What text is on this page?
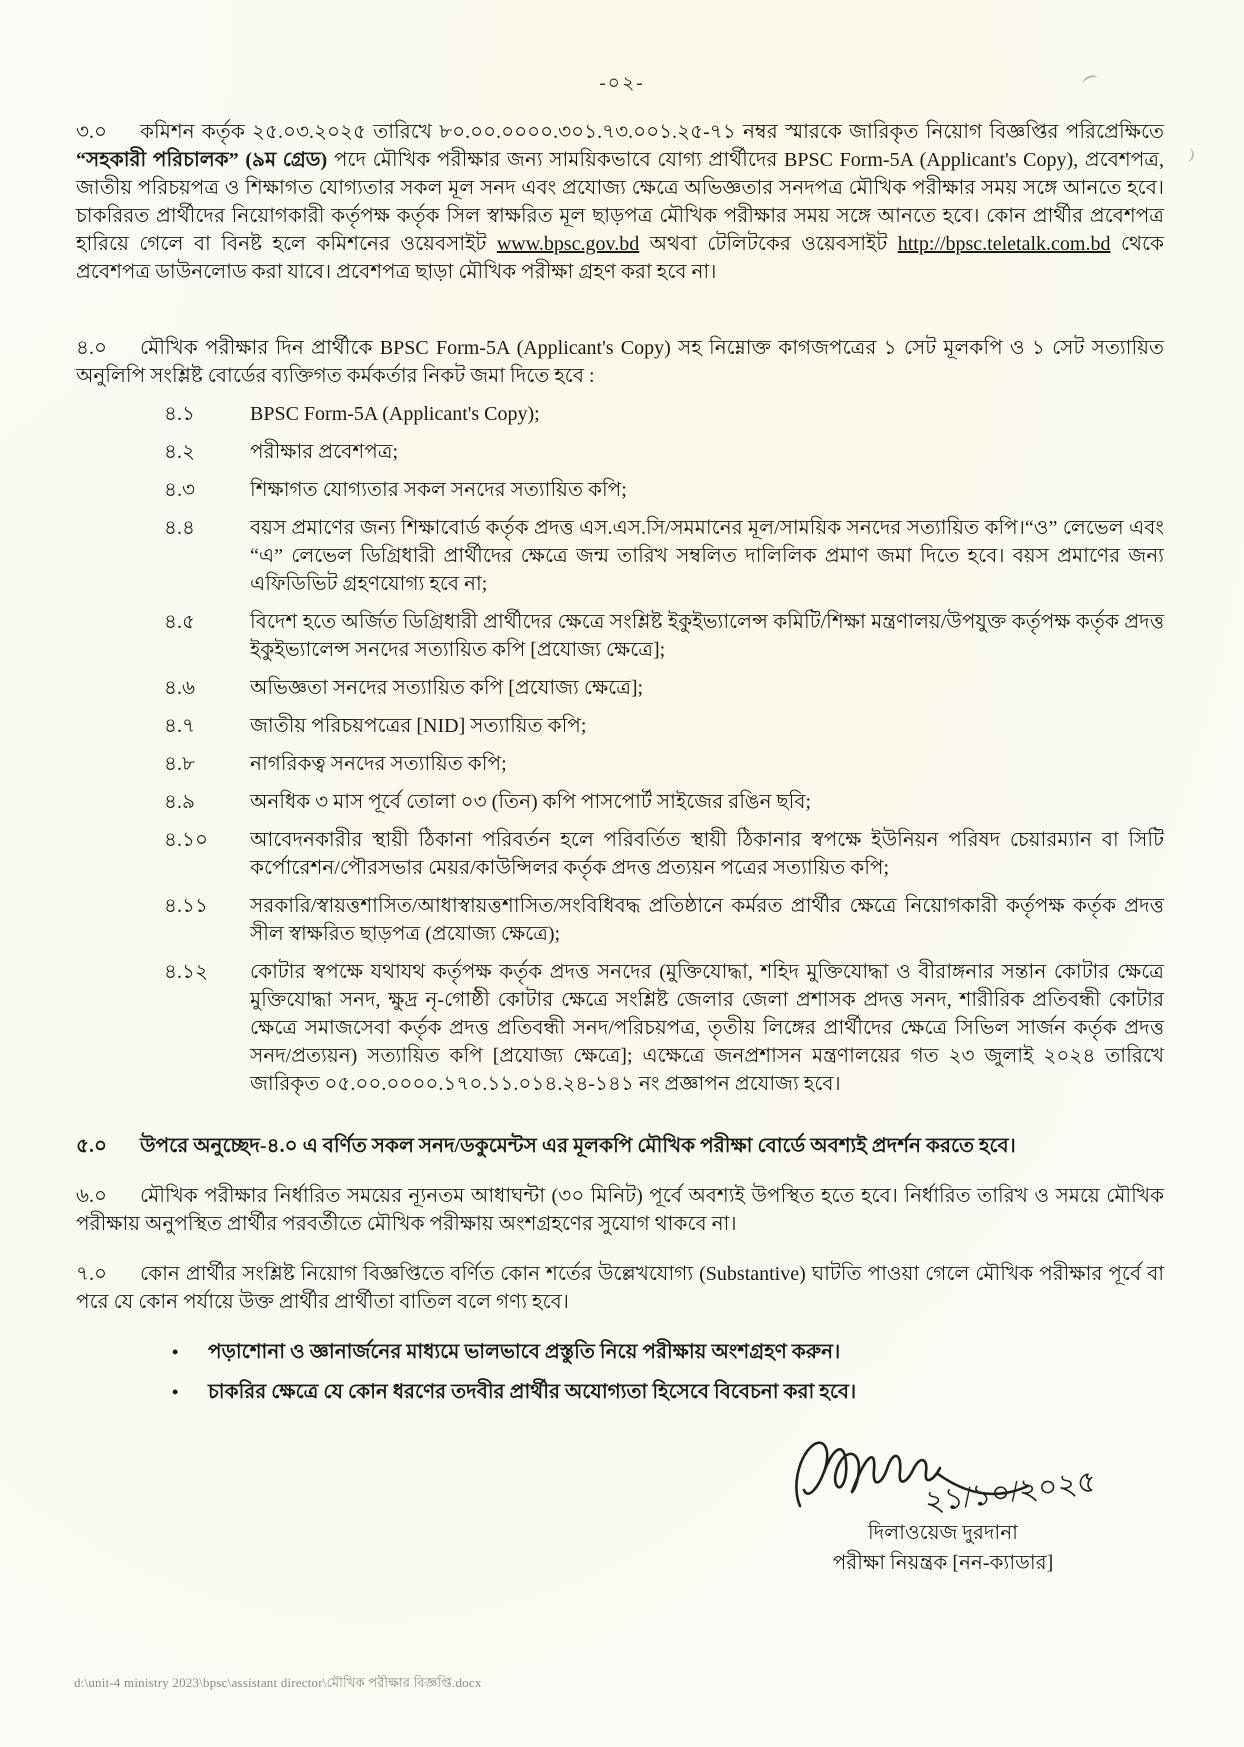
-০২-
৩.০ কমিশন কর্তৃক ২৫.০৩.২০২৫ তারিখে ৮০.০০.০০০০.৩০১.৭৩.০০১.২৫-৭১ নম্বর স্মারকে জারিকৃত নিয়োগ বিজ্ঞপ্তির পরিপ্রেক্ষিতে “সহকারী পরিচালক” (৯ম গ্রেড) পদে মৌখিক পরীক্ষার জন্য সাময়িকভাবে যোগ্য প্রার্থীদের BPSC Form-5A (Applicant's Copy), প্রবেশপত্র, জাতীয় পরিচয়পত্র ও শিক্ষাগত যোগ্যতার সকল মূল সনদ এবং প্রযোজ্য ক্ষেত্রে অভিজ্ঞতার সনদপত্র মৌখিক পরীক্ষার সময় সঙ্গে আনতে হবে। চাকরিরত প্রার্থীদের নিয়োগকারী কর্তৃপক্ষ কর্তৃক সিল স্বাক্ষরিত মূল ছাড়পত্র মৌখিক পরীক্ষার সময় সঙ্গে আনতে হবে। কোন প্রার্থীর প্রবেশপত্র হারিয়ে গেলে বা বিনষ্ট হলে কমিশনের ওয়েবসাইট www.bpsc.gov.bd অথবা টেলিটকের ওয়েবসাইট http://bpsc.teletalk.com.bd থেকে প্রবেশপত্র ডাউনলোড করা যাবে। প্রবেশপত্র ছাড়া মৌখিক পরীক্ষা গ্রহণ করা হবে না।
৪.০ মৌখিক পরীক্ষার দিন প্রার্থীকে BPSC Form-5A (Applicant's Copy) সহ নিম্নোক্ত কাগজপত্রের ১ সেট মূলকপি ও ১ সেট সত্যায়িত অনুলিপি সংশ্লিষ্ট বোর্ডের ব্যক্তিগত কর্মকর্তার নিকট জমা দিতে হবে :
৪.১	BPSC Form-5A (Applicant's Copy);
৪.২	পরীক্ষার প্রবেশপত্র;
৪.৩	শিক্ষাগত যোগ্যতার সকল সনদের সত্যায়িত কপি;
৪.৪	বয়স প্রমাণের জন্য শিক্ষাবোর্ড কর্তৃক প্রদত্ত এস.এস.সি/সমমানের মূল/সাময়িক সনদের সত্যায়িত কপি।“ও” লেভেল এবং “এ” লেভেল ডিগ্রিধারী প্রার্থীদের ক্ষেত্রে জন্ম তারিখ সম্বলিত দালিলিক প্রমাণ জমা দিতে হবে। বয়স প্রমাণের জন্য এফিডিভিট গ্রহণযোগ্য হবে না;
৪.৫	বিদেশ হতে অর্জিত ডিগ্রিধারী প্রার্থীদের ক্ষেত্রে সংশ্লিষ্ট ইকুইভ্যালেন্স কমিটি/শিক্ষা মন্ত্রণালয়/উপযুক্ত কর্তৃপক্ষ কর্তৃক প্রদত্ত ইকুইভ্যালেন্স সনদের সত্যায়িত কপি [প্রযোজ্য ক্ষেত্রে];
৪.৬	অভিজ্ঞতা সনদের সত্যায়িত কপি [প্রযোজ্য ক্ষেত্রে];
৪.৭	জাতীয় পরিচয়পত্রের [NID] সত্যায়িত কপি;
৪.৮	নাগরিকত্ব সনদের সত্যায়িত কপি;
৪.৯	অনধিক ৩ মাস পূর্বে তোলা ০৩ (তিন) কপি পাসপোর্ট সাইজের রঙিন ছবি;
৪.১০	আবেদনকারীর স্থায়ী ঠিকানা পরিবর্তন হলে পরিবর্তিত স্থায়ী ঠিকানার স্বপক্ষে ইউনিয়ন পরিষদ চেয়ারম্যান বা সিটি কর্পোরেশন/পৌরসভার মেয়র/কাউন্সিলর কর্তৃক প্রদত্ত প্রত্যয়ন পত্রের সত্যায়িত কপি;
৪.১১	সরকারি/স্বায়ত্তশাসিত/আধাস্বায়ত্তশাসিত/সংবিধিবদ্ধ প্রতিষ্ঠানে কর্মরত প্রার্থীর ক্ষেত্রে নিয়োগকারী কর্তৃপক্ষ কর্তৃক প্রদত্ত সীল স্বাক্ষরিত ছাড়পত্র (প্রযোজ্য ক্ষেত্রে);
৪.১২	কোটার স্বপক্ষে যথাযথ কর্তৃপক্ষ কর্তৃক প্রদত্ত সনদের (মুক্তিযোদ্ধা, শহিদ মুক্তিযোদ্ধা ও বীরাঙ্গনার সন্তান কোটার ক্ষেত্রে মুক্তিযোদ্ধা সনদ, ক্ষুদ্র নৃ-গোষ্ঠী কোটার ক্ষেত্রে সংশ্লিষ্ট জেলার জেলা প্রশাসক প্রদত্ত সনদ, শারীরিক প্রতিবন্ধী কোটার ক্ষেত্রে সমাজসেবা কর্তৃক প্রদত্ত প্রতিবন্ধী সনদ/পরিচয়পত্র, তৃতীয় লিঙ্গের প্রার্থীদের ক্ষেত্রে সিভিল সার্জন কর্তৃক প্রদত্ত সনদ/প্রত্যয়ন) সত্যায়িত কপি [প্রযোজ্য ক্ষেত্রে]; এক্ষেত্রে জনপ্রশাসন মন্ত্রণালয়ের গত ২৩ জুলাই ২০২৪ তারিখে জারিকৃত ০৫.০০.০০০০.১৭০.১১.০১৪.২৪-১৪১ নং প্রজ্ঞাপন প্রযোজ্য হবে।
৫.০ উপরে অনুচ্ছেদ-৪.০ এ বর্ণিত সকল সনদ/ডকুমেন্টস এর মূলকপি মৌখিক পরীক্ষা বোর্ডে অবশ্যই প্রদর্শন করতে হবে।
৬.০ মৌখিক পরীক্ষার নির্ধারিত সময়ের ন্যূনতম আধাঘন্টা (৩০ মিনিট) পূর্বে অবশ্যই উপস্থিত হতে হবে। নির্ধারিত তারিখ ও সময়ে মৌখিক পরীক্ষায় অনুপস্থিত প্রার্থীর পরবর্তীতে মৌখিক পরীক্ষায় অংশগ্রহণের সুযোগ থাকবে না।
৭.০ কোন প্রার্থীর সংশ্লিষ্ট নিয়োগ বিজ্ঞপ্তিতে বর্ণিত কোন শর্তের উল্লেখযোগ্য (Substantive) ঘাটতি পাওয়া গেলে মৌখিক পরীক্ষার পূর্বে বা পরে যে কোন পর্যায়ে উক্ত প্রার্থীর প্রার্থীতা বাতিল বলে গণ্য হবে।
•	পড়াশোনা ও জ্ঞানার্জনের মাধ্যমে ভালভাবে প্রস্তুতি নিয়ে পরীক্ষায় অংশগ্রহণ করুন।
•	চাকরির ক্ষেত্রে যে কোন ধরণের তদবীর প্রার্থীর অযোগ্যতা হিসেবে বিবেচনা করা হবে।
২১/১০/২০২৫
দিলাওয়েজ দুরদানা
পরীক্ষা নিয়ন্ত্রক [নন-ক্যাডার]
d:\unit-4 ministry 2023\bpsc\assistant director\মৌখিক পরীক্ষার বিজ্ঞপ্তি.docx
